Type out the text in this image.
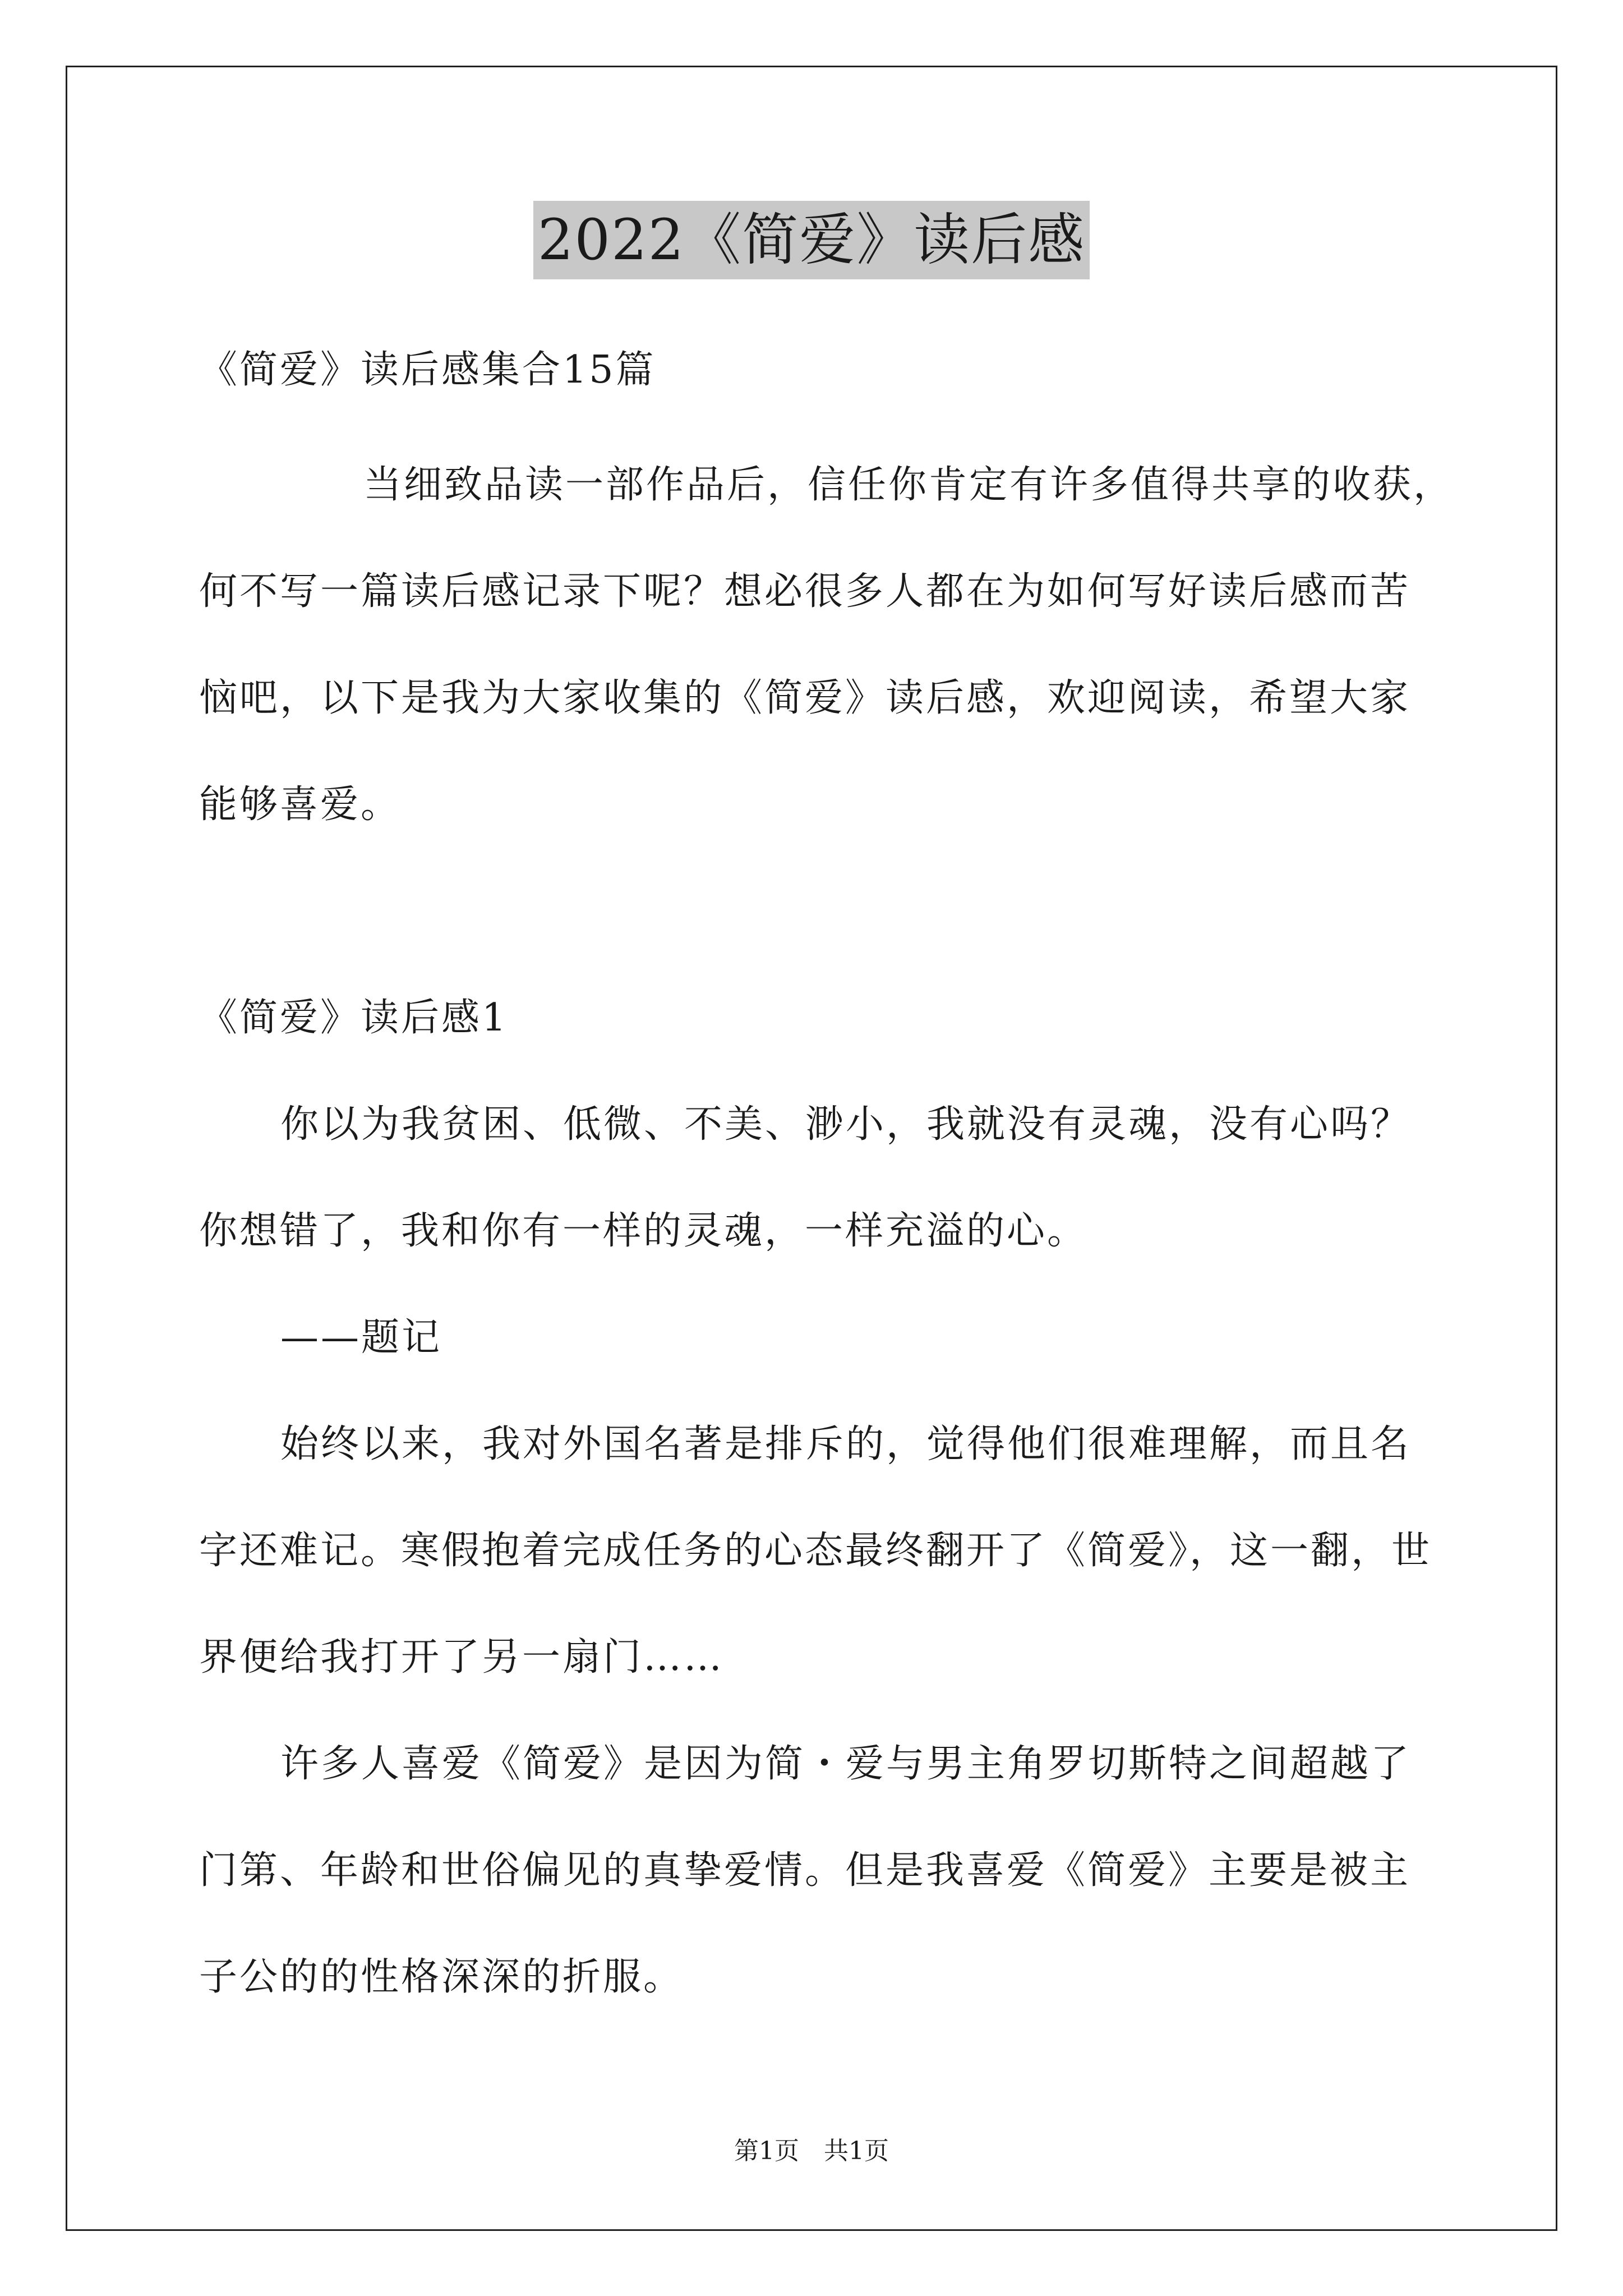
2022《简爱》读后感
《简爱》读后感集合15篇
当细致品读一部作品后，信任你肯定有许多值得共享的收获，
何不写一篇读后感记录下呢？想必很多人都在为如何写好读后感而苦
恼吧，以下是我为大家收集的《简爱》读后感，欢迎阅读，希望大家
能够喜爱。
《简爱》读后感1
你以为我贫困、低微、不美、渺小，我就没有灵魂，没有心吗？
你想错了，我和你有一样的灵魂，一样充溢的心。
——题记
始终以来，我对外国名著是排斥的，觉得他们很难理解，而且名
字还难记。寒假抱着完成任务的心态最终翻开了《简爱》，这一翻，世
界便给我打开了另一扇门……
许多人喜爱《简爱》是因为简・爱与男主角罗切斯特之间超越了
门第、年龄和世俗偏见的真挚爱情。但是我喜爱《简爱》主要是被主
子公的的性格深深的折服。
第1页　共1页
